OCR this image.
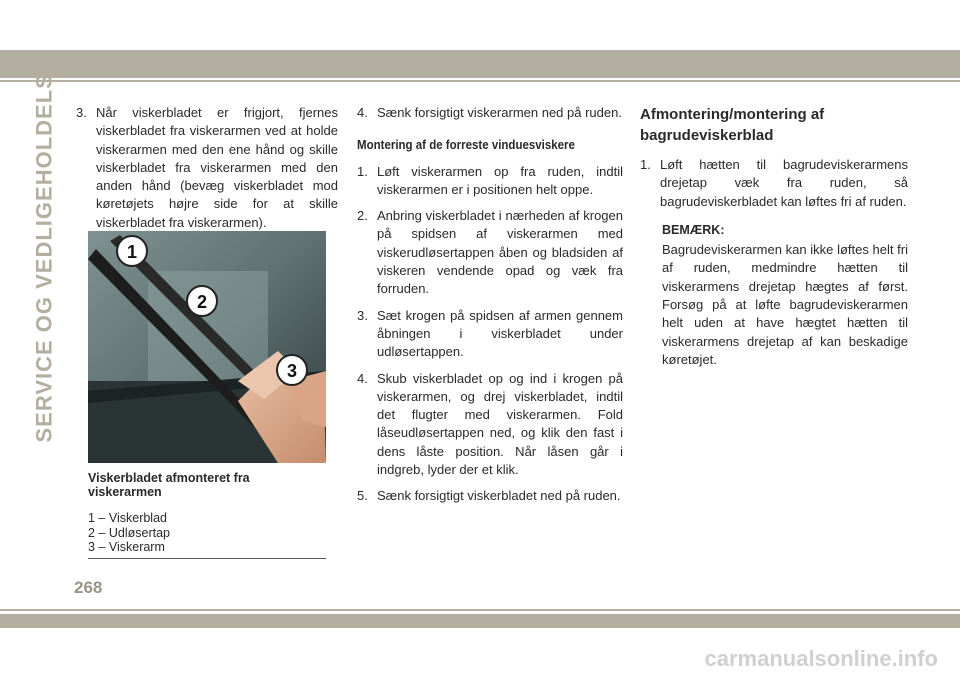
SERVICE OG VEDLIGEHOLDELSE 3. Når viskerbladet er frigjort, fjernes viskerbladet fra viskerarmen ved at holde viskerarmen med den ene hånd og skille viskerbladet fra viskerarmen med den anden hånd (bevæg viskerbladet mod køretøjets højre side for at skille viskerbladet fra viskerarmen).
1
2
3
Viskerbladet afmonteret fra viskerarmen
1 – Viskerblad
2 – Udløsertap
3 – Viskerarm
4. Sænk forsigtigt viskerarmen ned på ruden.
Montering af de forreste vinduesviskere
1. Løft viskerarmen op fra ruden, indtil viskerarmen er i positionen helt oppe.
2. Anbring viskerbladet i nærheden af krogen på spidsen af viskerarmen med viskerudløsertappen åben og bladsiden af viskeren vendende opad og væk fra forruden.
3. Sæt krogen på spidsen af armen gennem åbningen i viskerbladet under udløsertappen.
4. Skub viskerbladet op og ind i krogen på viskerarmen, og drej viskerbladet, indtil det flugter med viskerarmen. Fold låseudløsertappen ned, og klik den fast i dens låste position. Når låsen går i indgreb, lyder der et klik.
5. Sænk forsigtigt viskerbladet ned på ruden.
Afmontering/montering af bagrudeviskerblad
1. Løft hætten til bagrudeviskerarmens drejetap væk fra ruden, så bagrudeviskerbladet kan løftes fri af ruden.
BEMÆRK:
Bagrudeviskerarmen kan ikke løftes helt fri af ruden, medmindre hætten til viskerarmens drejetap hægtes af først. Forsøg på at løfte bagrudeviskerarmen helt uden at have hægtet hætten til viskerarmens drejetap af kan beskadige køretøjet.
268
carmanualsonline.info
